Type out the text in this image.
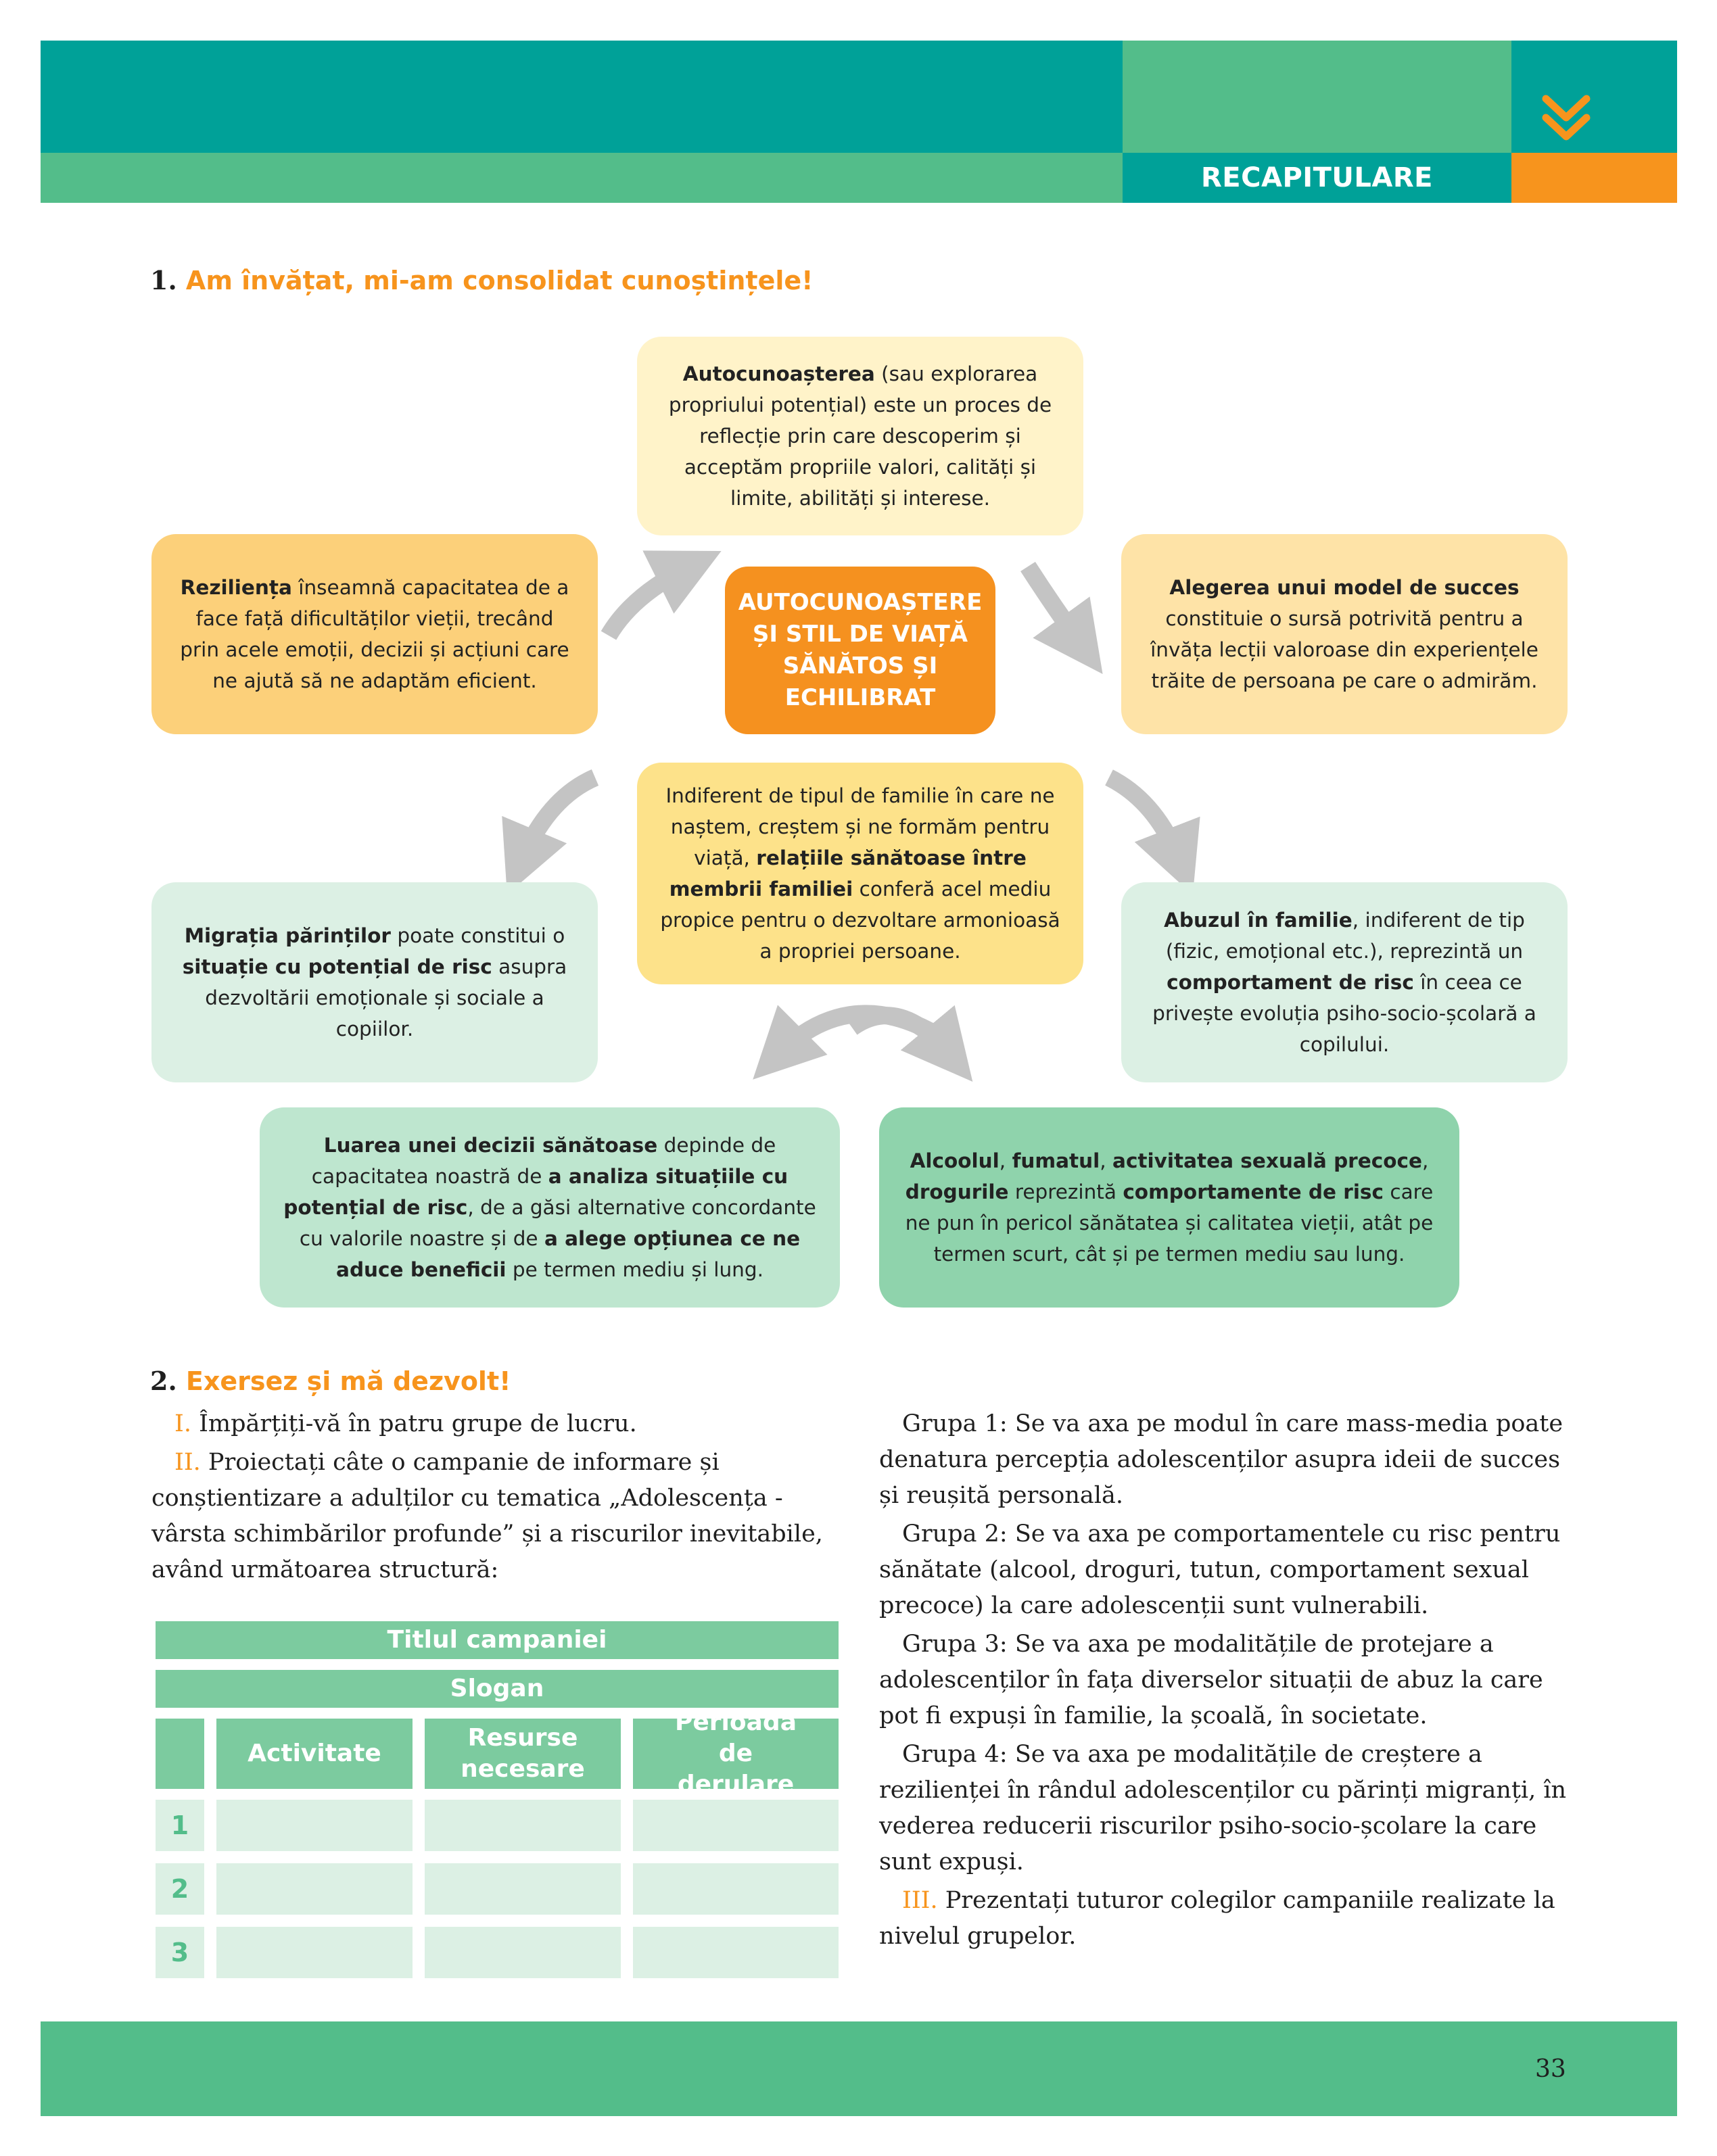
RECAPITULARE
1. Am învățat, mi-am consolidat cunoștințele!
Autocunoașterea (sau explorarea propriului potențial) este un proces de reflecție prin care descoperim și acceptăm propriile valori, calități și limite, abilități și interese.
Reziliența înseamnă capacitatea de a face față dificultăților vieții, trecând prin acele emoții, decizii și acțiuni care ne ajută să ne adaptăm eficient.
AUTOCUNOAȘTERE ȘI STIL DE VIAȚĂ SĂNĂTOS ȘI ECHILIBRAT
Alegerea unui model de succes constituie o sursă potrivită pentru a învăța lecții valoroase din experiențele trăite de persoana pe care o admirăm.
Indiferent de tipul de familie în care ne naștem, creștem și ne formăm pentru viață, relațiile sănătoase între membrii familiei conferă acel mediu propice pentru o dezvoltare armonioasă a propriei persoane.
Migrația părinților poate constitui o situație cu potențial de risc asupra dezvoltării emoționale și sociale a copiilor.
Abuzul în familie, indiferent de tip (fizic, emoțional etc.), reprezintă un comportament de risc în ceea ce privește evoluția psiho-socio-școlară a copilului.
Luarea unei decizii sănătoase depinde de capacitatea noastră de a analiza situațiile cu potențial de risc, de a găsi alternative concordante cu valorile noastre și de a alege opțiunea ce ne aduce beneficii pe termen mediu și lung.
Alcoolul, fumatul, activitatea sexuală precoce, drogurile reprezintă comportamente de risc care ne pun în pericol sănătatea și calitatea vieții, atât pe termen scurt, cât și pe termen mediu sau lung.
2. Exersez și mă dezvolt!

I. Împărțiți-vă în patru grupe de lucru.

II. Proiectați câte o campanie de informare și conștientizare a adulților cu tematica „Adolescența - vârsta schimbărilor profunde” și a riscurilor inevitabile, având următoarea structură:

Titlul campaniei
Slogan
Activitate
Resurse necesare
Perioadă de derulare
1
2
3

Grupa 1: Se va axa pe modul în care mass-media poate denatura percepția adolescenților asupra ideii de succes și reușită personală.

Grupa 2: Se va axa pe comportamentele cu risc pentru sănătate (alcool, droguri, tutun, comportament sexual precoce) la care adolescenții sunt vulnerabili.

Grupa 3: Se va axa pe modalitățile de protejare a adolescenților în fața diverselor situații de abuz la care pot fi expuși în familie, la școală, în societate.

Grupa 4: Se va axa pe modalitățile de creștere a rezilienței în rândul adolescenților cu părinți migranți, în vederea reducerii riscurilor psiho-socio-școlare la care sunt expuși.

III. Prezentați tuturor colegilor campaniile realizate la nivelul grupelor.

33
